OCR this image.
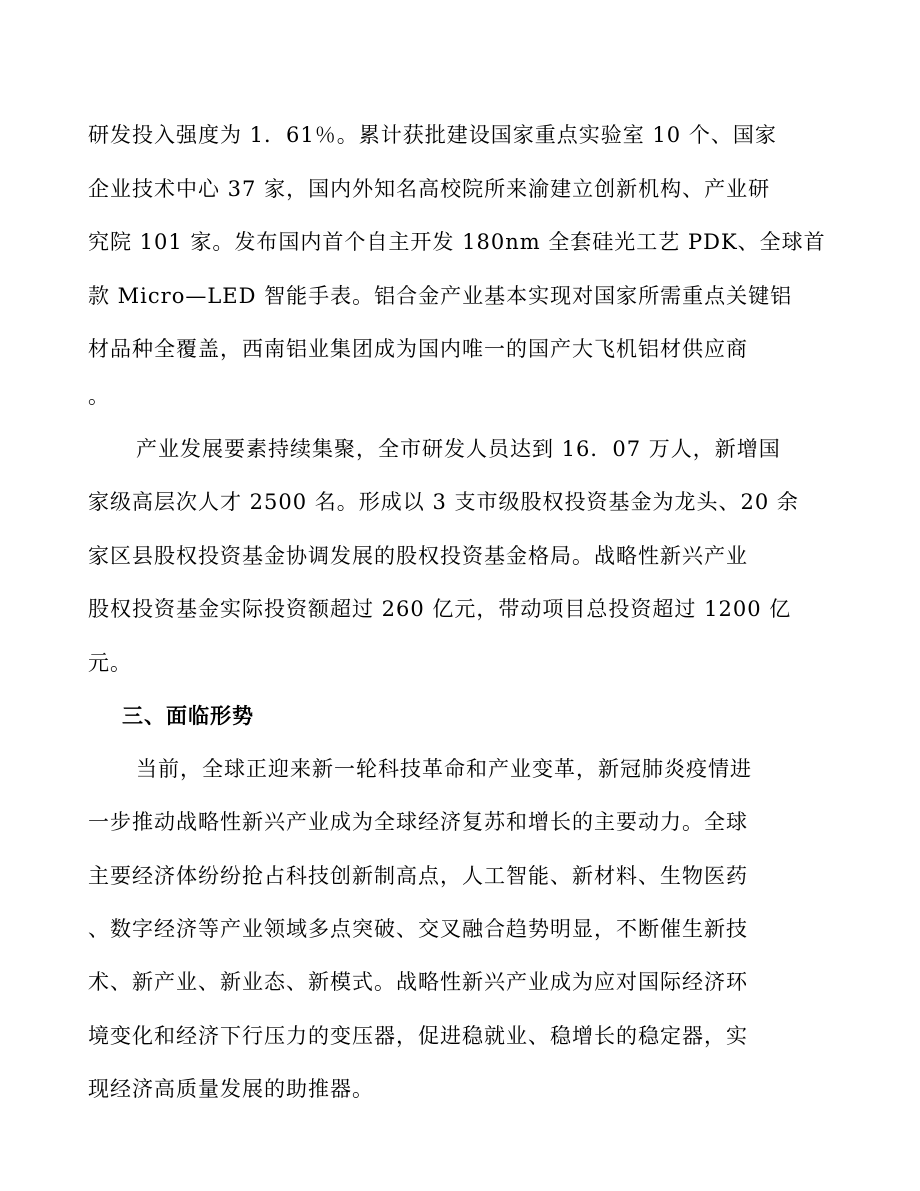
研发投入强度为 1．61％。累计获批建设国家重点实验室 10 个、国家
企业技术中心 37 家，国内外知名高校院所来渝建立创新机构、产业研
究院 101 家。发布国内首个自主开发 180nm 全套硅光工艺 PDK、全球首
款 Micro—LED 智能手表。铝合金产业基本实现对国家所需重点关键铝
材品种全覆盖，西南铝业集团成为国内唯一的国产大飞机铝材供应商
。
产业发展要素持续集聚，全市研发人员达到 16．07 万人，新增国
家级高层次人才 2500 名。形成以 3 支市级股权投资基金为龙头、20 余
家区县股权投资基金协调发展的股权投资基金格局。战略性新兴产业
股权投资基金实际投资额超过 260 亿元，带动项目总投资超过 1200 亿
元。
三、面临形势
当前，全球正迎来新一轮科技革命和产业变革，新冠肺炎疫情进
一步推动战略性新兴产业成为全球经济复苏和增长的主要动力。全球
主要经济体纷纷抢占科技创新制高点，人工智能、新材料、生物医药
、数字经济等产业领域多点突破、交叉融合趋势明显，不断催生新技
术、新产业、新业态、新模式。战略性新兴产业成为应对国际经济环
境变化和经济下行压力的变压器，促进稳就业、稳增长的稳定器，实
现经济高质量发展的助推器。
